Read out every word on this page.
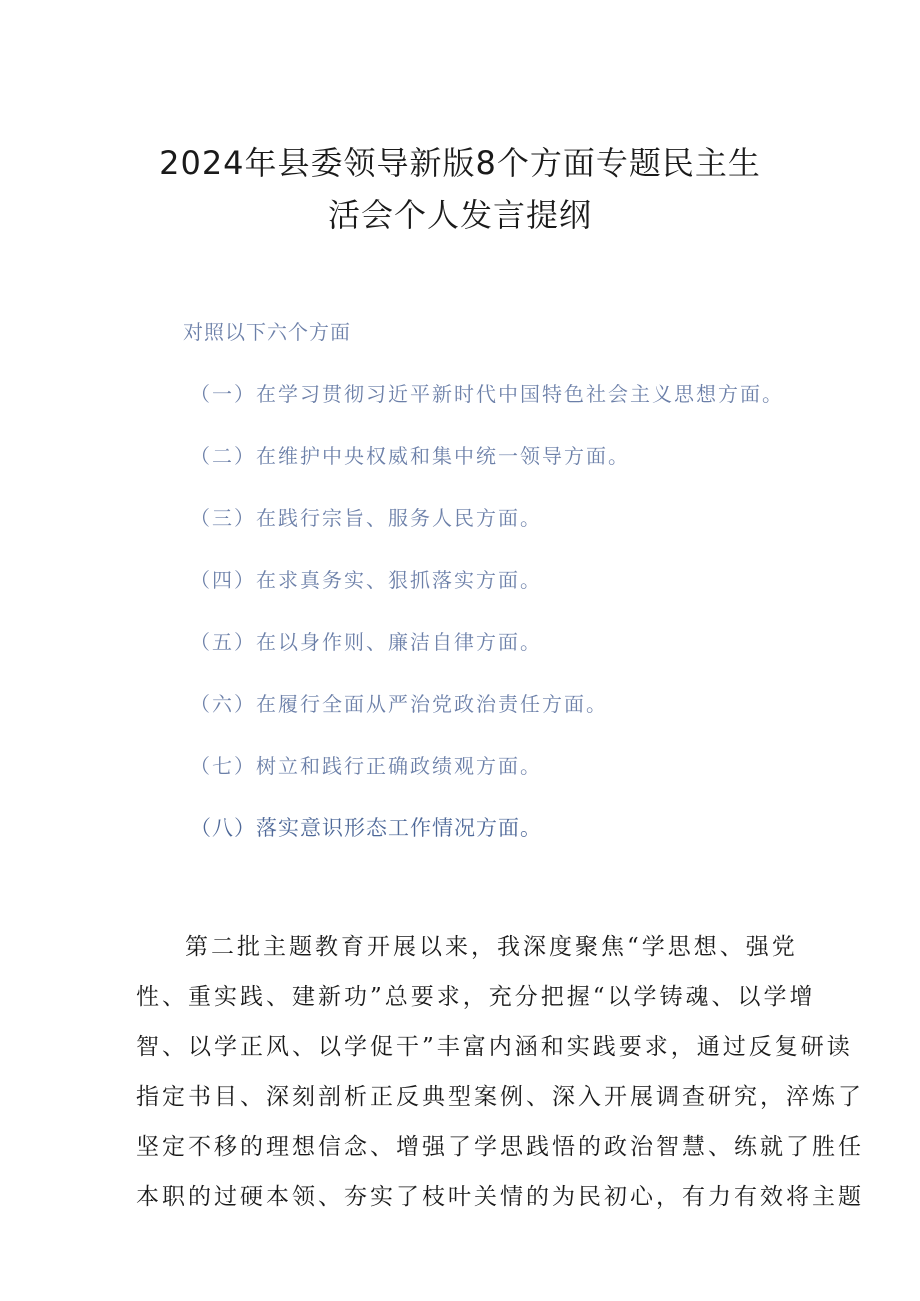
2024年县委领导新版8个方面专题民主生
活会个人发言提纲
对照以下六个方面
（一）在学习贯彻习近平新时代中国特色社会主义思想方面。
（二）在维护中央权威和集中统一领导方面。
（三）在践行宗旨、服务人民方面。
（四）在求真务实、狠抓落实方面。
（五）在以身作则、廉洁自律方面。
（六）在履行全面从严治党政治责任方面。
（七）树立和践行正确政绩观方面。
（八）落实意识形态工作情况方面。
第二批主题教育开展以来，我深度聚焦“学思想、强党
性、重实践、建新功”总要求，充分把握“以学铸魂、以学增
智、以学正风、以学促干”丰富内涵和实践要求，通过反复研读
指定书目、深刻剖析正反典型案例、深入开展调查研究，淬炼了
坚定不移的理想信念、增强了学思践悟的政治智慧、练就了胜任
本职的过硬本领、夯实了枝叶关情的为民初心，有力有效将主题
